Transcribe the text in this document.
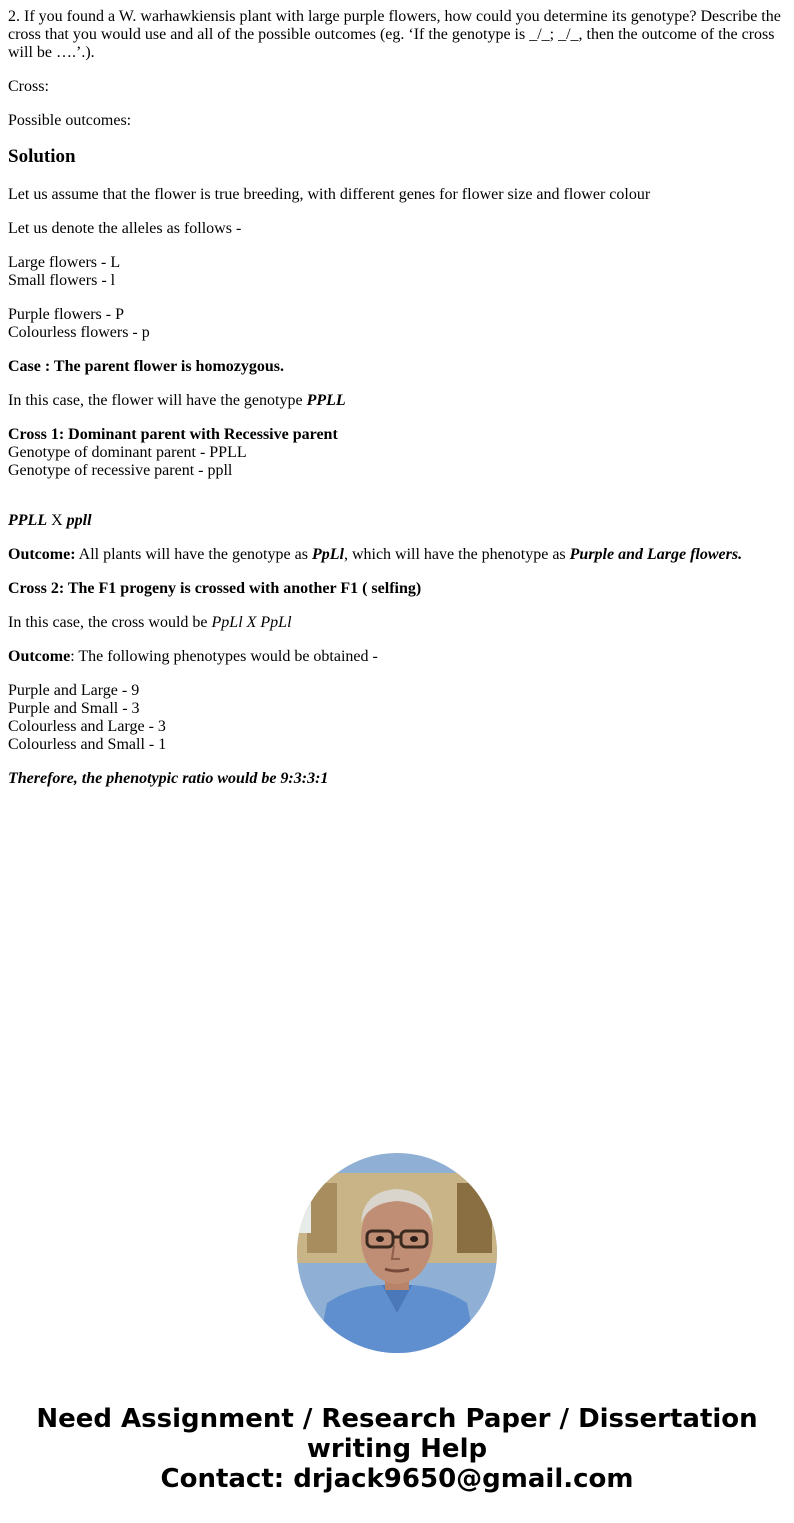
2. If you found a W. warhawkiensis plant with large purple flowers, how could you determine its genotype? Describe the cross that you would use and all of the possible outcomes (eg. ‘If the genotype is _/_; _/_, then the outcome of the cross will be ….’.).

Cross:

Possible outcomes:

Solution

Let us assume that the flower is true breeding, with different genes for flower size and flower colour

Let us denote the alleles as follows -

Large flowers - L
Small flowers - l

Purple flowers - P
Colourless flowers - p

Case : The parent flower is homozygous.

In this case, the flower will have the genotype PPLL

Cross 1: Dominant parent with Recessive parent
Genotype of dominant parent - PPLL
Genotype of recessive parent - ppll

PPLL X ppll

Outcome: All plants will have the genotype as PpLl, which will have the phenotype as Purple and Large flowers.

Cross 2: The F1 progeny is crossed with another F1 ( selfing)

In this case, the cross would be PpLl X PpLl

Outcome: The following phenotypes would be obtained -

Purple and Large - 9
Purple and Small - 3
Colourless and Large - 3
Colourless and Small - 1

Therefore, the phenotypic ratio would be 9:3:3:1

Need Assignment / Research Paper / Dissertation
writing Help
Contact: drjack9650@gmail.com
